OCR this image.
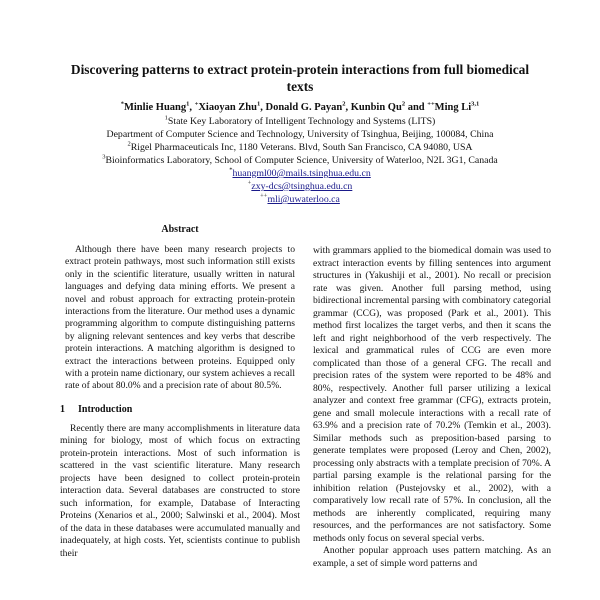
Discovering patterns to extract protein-protein interactions from full biomedical texts
*Minlie Huang$^1$, +Xiaoyan Zhu$^1$, Donald G. Payan$^2$, Kunbin Qu$^2$ and ++Ming Li$^{3,1}$
$^1$State Key Laboratory of Intelligent Technology and Systems (LITS)
Department of Computer Science and Technology, University of Tsinghua, Beijing, 100084, China
$^2$Rigel Pharmaceuticals Inc, 1180 Veterans. Blvd, South San Francisco, CA 94080, USA
$^3$Bioinformatics Laboratory, School of Computer Science, University of Waterloo, N2L 3G1, Canada
*huangml00@mails.tsinghua.edu.cn
+zxy-dcs@tsinghua.edu.cn
++mli@uwaterloo.ca
Abstract

Although there have been many research projects to extract protein pathways, most such information still exists only in the scientific literature, usually written in natural languages and defying data mining efforts. We present a novel and robust approach for extracting protein-protein interactions from the literature. Our method uses a dynamic programming algorithm to compute distinguishing patterns by aligning relevant sentences and key verbs that describe protein interactions. A matching algorithm is designed to extract the interactions between proteins. Equipped only with a protein name dictionary, our system achieves a recall rate of about 80.0% and a precision rate of about 80.5%.

1 Introduction

Recently there are many accomplishments in literature data mining for biology, most of which focus on extracting protein-protein interactions. Most of such information is scattered in the vast scientific literature. Many research projects have been designed to collect protein-protein interaction data. Several databases are constructed to store such information, for example, Database of Interacting Proteins (Xenarios et al., 2000; Salwinski et al., 2004). Most of the data in these databases were accumulated manually and inadequately, at high costs. Yet, scientists continue to publish their

with grammars applied to the biomedical domain was used to extract interaction events by filling sentences into argument structures in (Yakushiji et al., 2001). No recall or precision rate was given. Another full parsing method, using bidirectional incremental parsing with combinatory categorial grammar (CCG), was proposed (Park et al., 2001). This method first localizes the target verbs, and then it scans the left and right neighborhood of the verb respectively. The lexical and grammatical rules of CCG are even more complicated than those of a general CFG. The recall and precision rates of the system were reported to be 48% and 80%, respectively. Another full parser utilizing a lexical analyzer and context free grammar (CFG), extracts protein, gene and small molecule interactions with a recall rate of 63.9% and a precision rate of 70.2% (Temkin et al., 2003). Similar methods such as preposition-based parsing to generate templates were proposed (Leroy and Chen, 2002), processing only abstracts with a template precision of 70%. A partial parsing example is the relational parsing for the inhibition relation (Pustejovsky et al., 2002), with a comparatively low recall rate of 57%. In conclusion, all the methods are inherently complicated, requiring many resources, and the performances are not satisfactory. Some methods only focus on several special verbs.

Another popular approach uses pattern matching. As an example, a set of simple word patterns and
